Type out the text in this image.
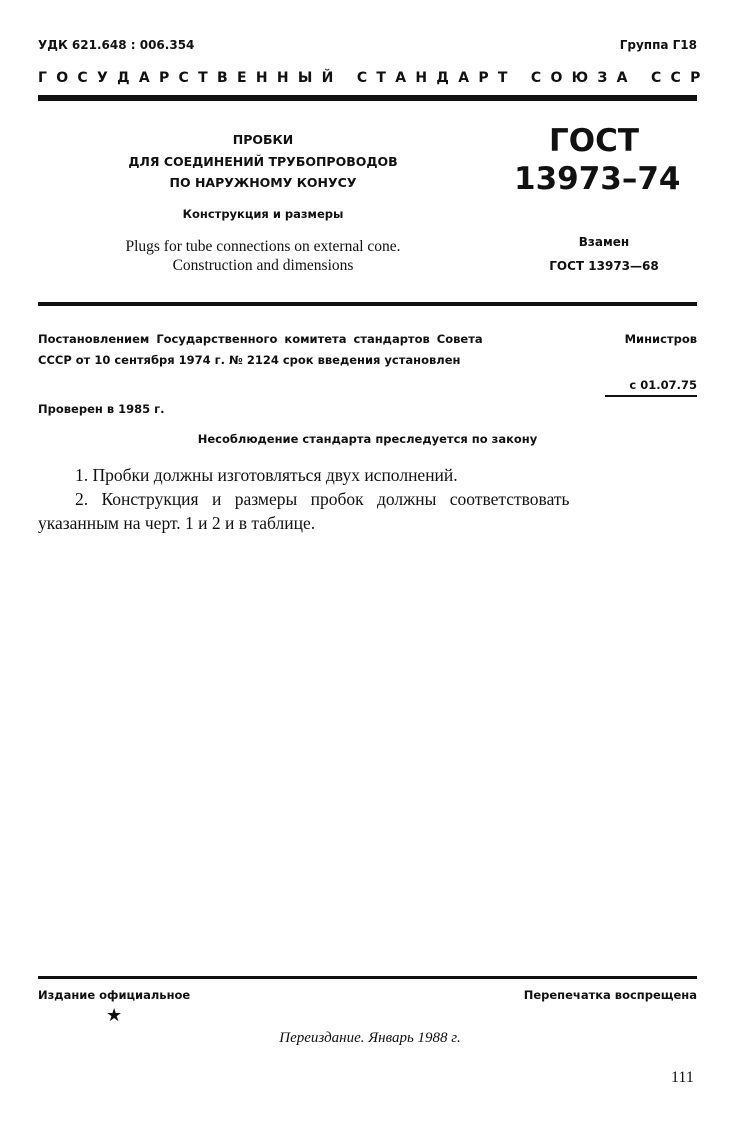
УДК 621.648 : 006.354	Группа Г18
ГОСУДАРСТВЕННЫЙ СТАНДАРТ СОЮЗА ССР
ПРОБКИ
ДЛЯ СОЕДИНЕНИЙ ТРУБОПРОВОДОВ
ПО НАРУЖНОМУ КОНУСУ
Конструкция и размеры
Plugs for tube connections on external cone.
Construction and dimensions
ГОСТ
13973–74
Взамен
ГОСТ 13973—68
Постановлением Государственного комитета стандартов Совета	Министров
СССР от 10 сентября 1974 г. № 2124 срок введения установлен
с 01.07.75
Проверен в 1985 г.
Несоблюдение стандарта преследуется по закону
1. Пробки должны изготовляться двух исполнений.
2. Конструкция и размеры пробок должны соответствовать
указанным на черт. 1 и 2 и в таблице.
Издание официальное	Перепечатка воспрещена
★
Переиздание. Январь 1988 г.
111
